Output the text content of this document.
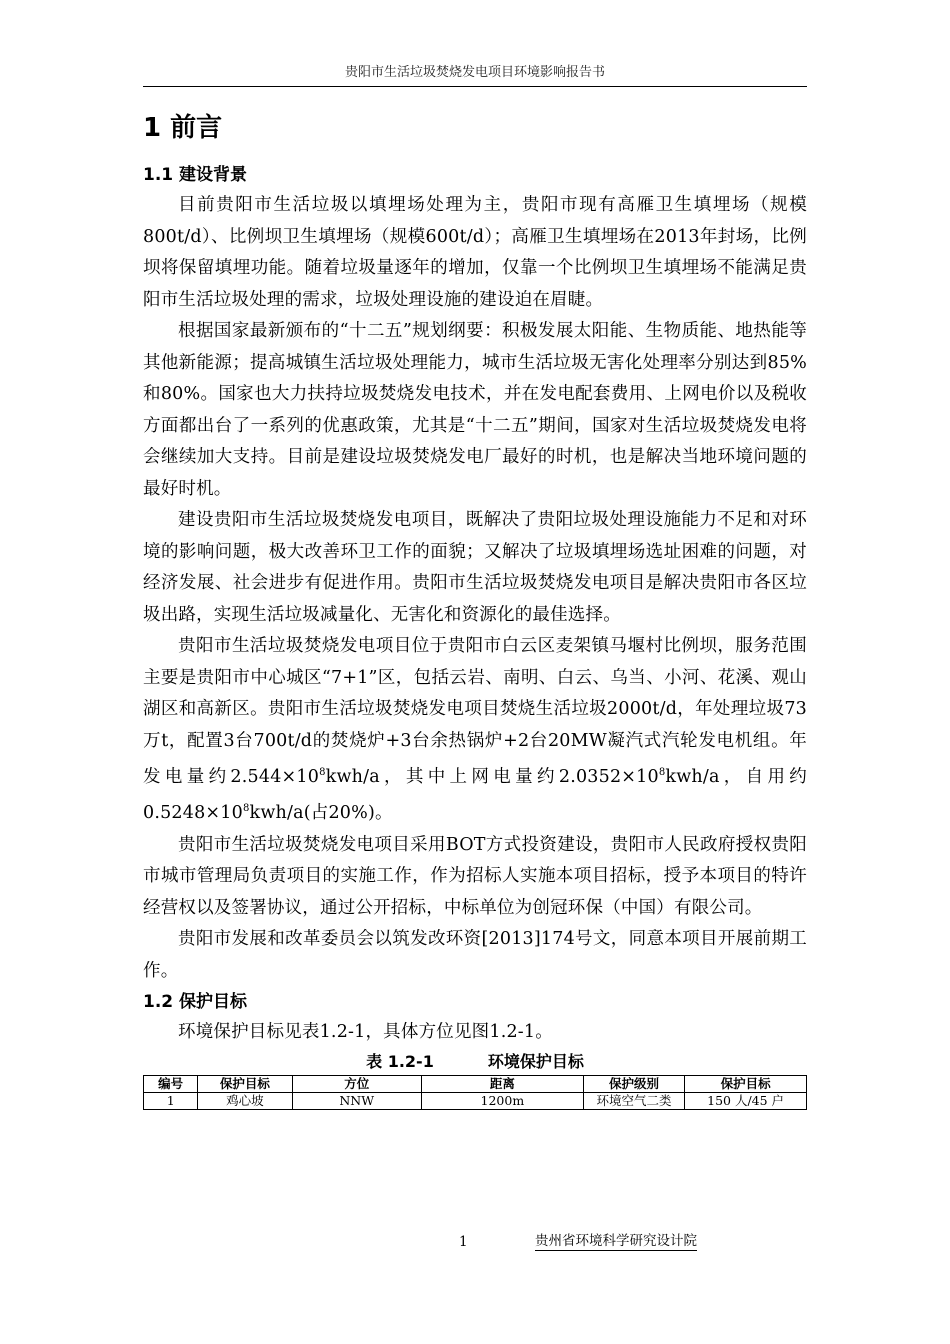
贵阳市生活垃圾焚烧发电项目环境影响报告书
1 前言
1.1 建设背景

目前贵阳市生活垃圾以填埋场处理为主，贵阳市现有高雁卫生填埋场（规模800t/d）、比例坝卫生填埋场（规模600t/d）；高雁卫生填埋场在2013年封场，比例坝将保留填埋功能。随着垃圾量逐年的增加，仅靠一个比例坝卫生填埋场不能满足贵阳市生活垃圾处理的需求，垃圾处理设施的建设迫在眉睫。

根据国家最新颁布的“十二五”规划纲要：积极发展太阳能、生物质能、地热能等其他新能源；提高城镇生活垃圾处理能力，城市生活垃圾无害化处理率分别达到85%和80%。国家也大力扶持垃圾焚烧发电技术，并在发电配套费用、上网电价以及税收方面都出台了一系列的优惠政策，尤其是“十二五”期间，国家对生活垃圾焚烧发电将会继续加大支持。目前是建设垃圾焚烧发电厂最好的时机，也是解决当地环境问题的最好时机。

建设贵阳市生活垃圾焚烧发电项目，既解决了贵阳垃圾处理设施能力不足和对环境的影响问题，极大改善环卫工作的面貌；又解决了垃圾填埋场选址困难的问题，对经济发展、社会进步有促进作用。贵阳市生活垃圾焚烧发电项目是解决贵阳市各区垃圾出路，实现生活垃圾减量化、无害化和资源化的最佳选择。

贵阳市生活垃圾焚烧发电项目位于贵阳市白云区麦架镇马堰村比例坝，服务范围主要是贵阳市中心城区“7+1”区，包括云岩、南明、白云、乌当、小河、花溪、观山湖区和高新区。贵阳市生活垃圾焚烧发电项目焚烧生活垃圾2000t/d，年处理垃圾73万t，配置3台700t/d的焚烧炉+3台余热锅炉+2台20MW凝汽式汽轮发电机组。年发电量约$2.544\times 10^8kwh/a$，其中上网电量约$2.0352\times 10^8kwh/a$，自用约$0.5248\times 10^8kwh/a$(占20%)。

贵阳市生活垃圾焚烧发电项目采用BOT方式投资建设，贵阳市人民政府授权贵阳市城市管理局负责项目的实施工作，作为招标人实施本项目招标，授予本项目的特许经营权以及签署协议，通过公开招标，中标单位为创冠环保（中国）有限公司。

贵阳市发展和改革委员会以筑发改环资[2013]174号文，同意本项目开展前期工作。

1.2 保护目标

环境保护目标见表1.2-1，具体方位见图1.2-1。

表 1.2-1	环境保护目标
编号	保护目标	方位	距离	保护级别	保护目标
1	鸡心坡	NNW	1200m	环境空气二类	150 人/45 户
1	贵州省环境科学研究设计院
